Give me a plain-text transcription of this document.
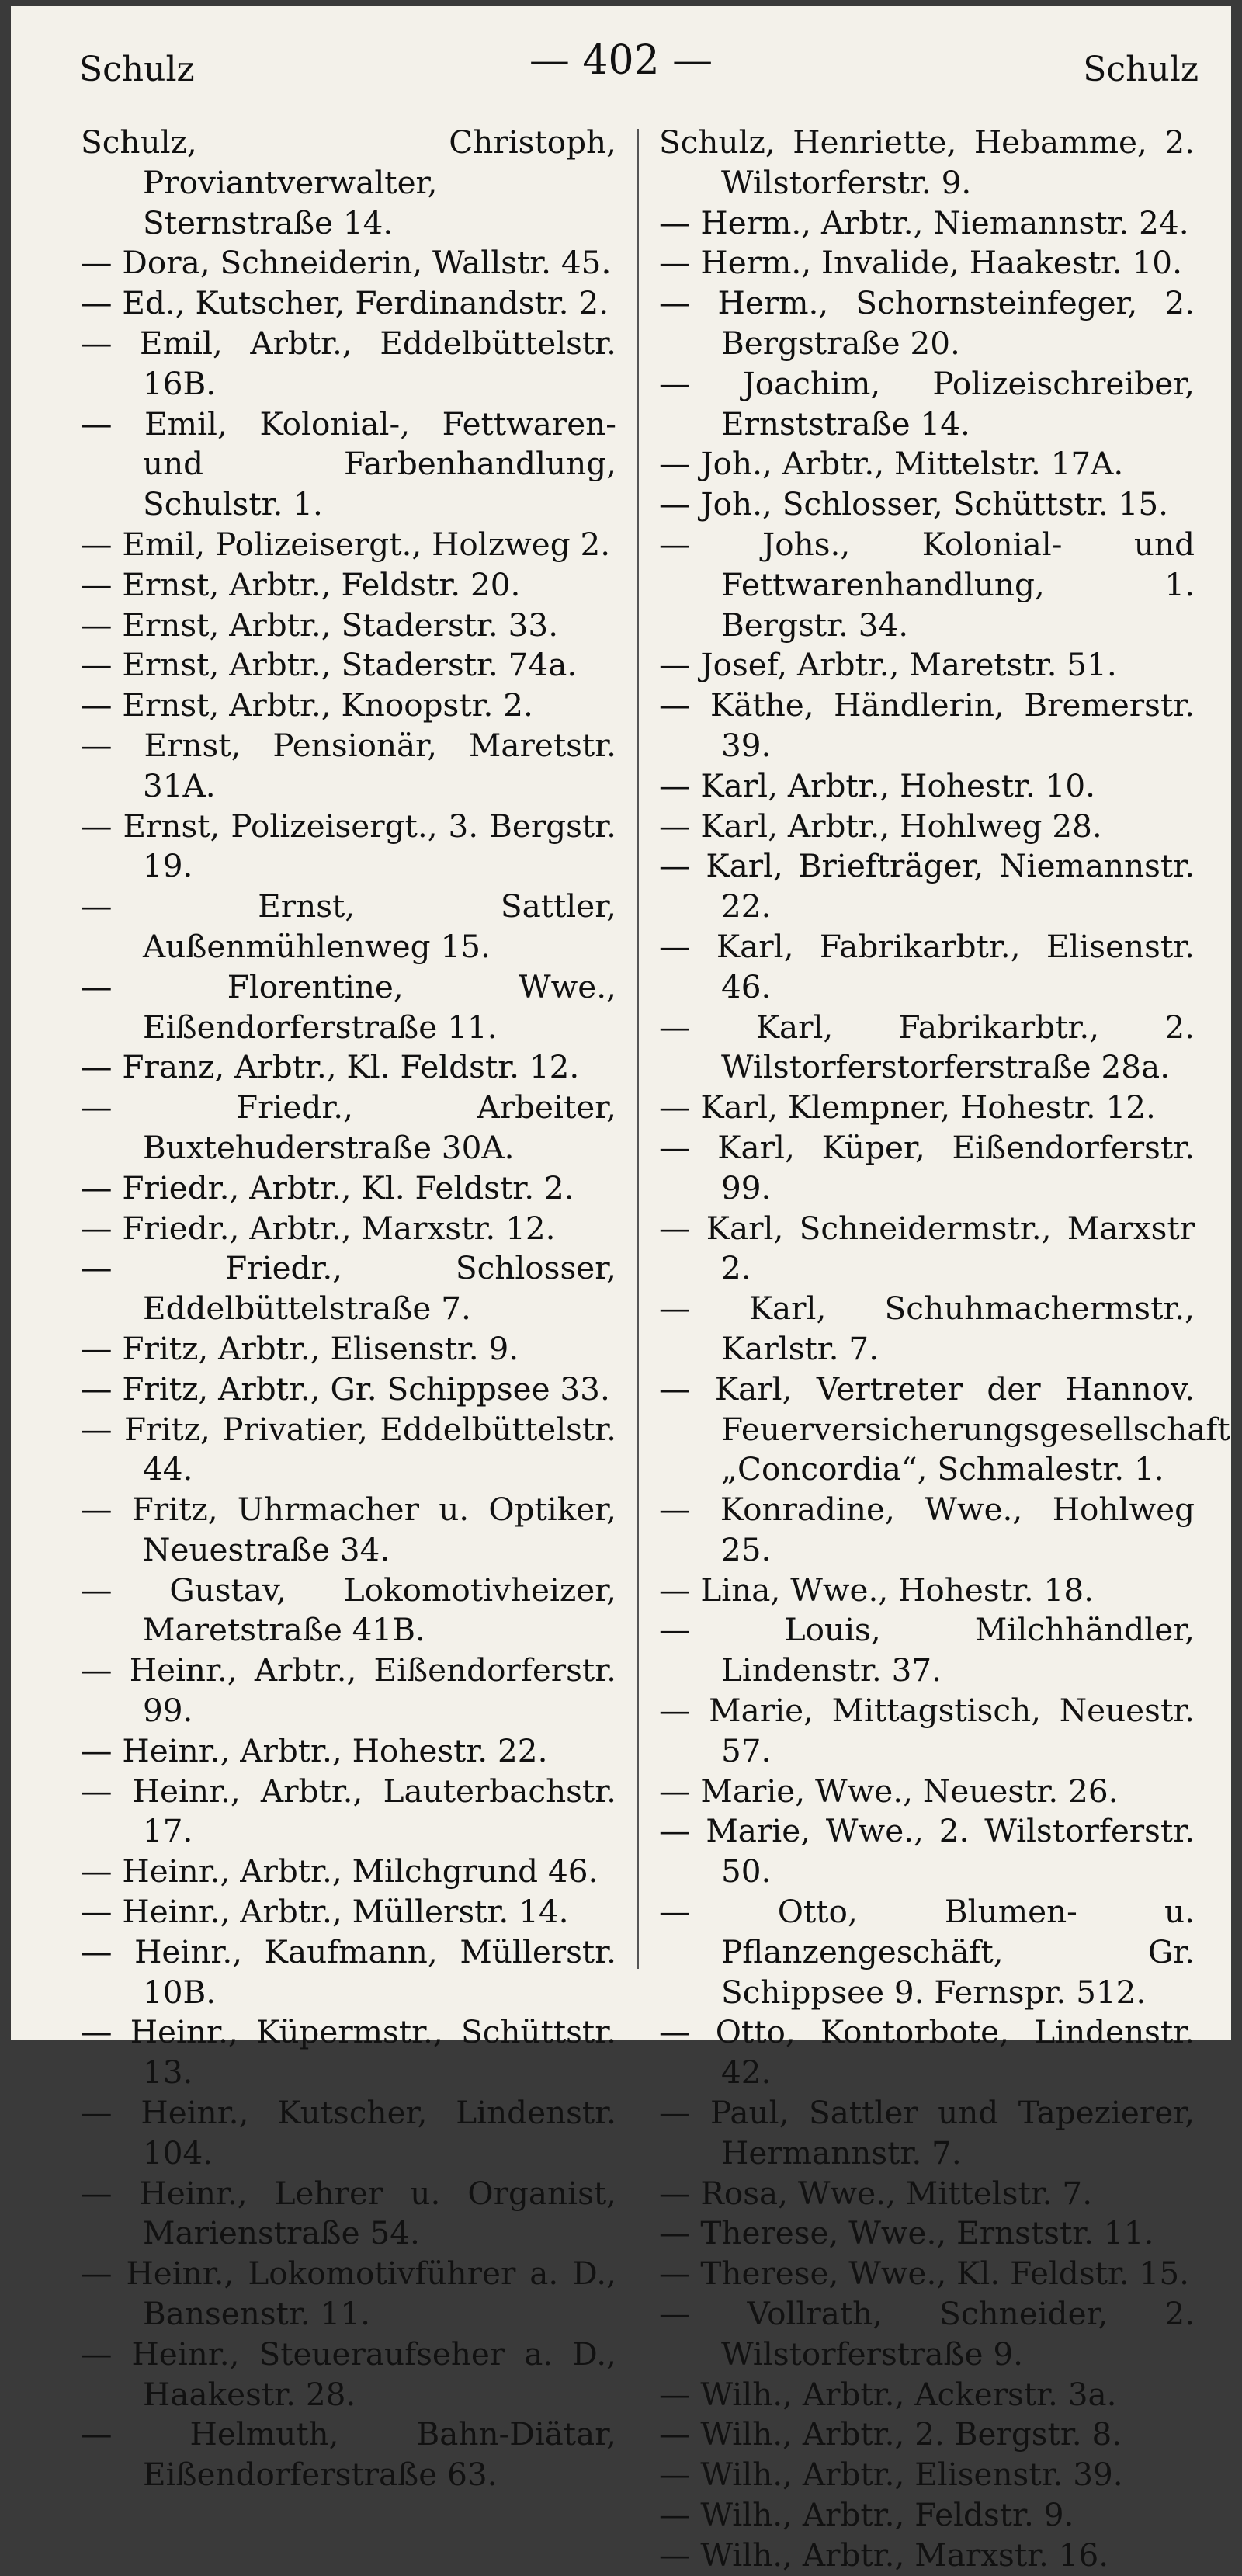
Schulz	— 402 —	Schulz
Schulz, Christoph, Proviantverwalter, Sternstraße 14.
— Dora, Schneiderin, Wallstr. 45.
— Ed., Kutscher, Ferdinandstr. 2.
— Emil, Arbtr., Eddelbüttelstr. 16B.
— Emil, Kolonial-, Fettwaren- und Farbenhandlung, Schulstr. 1.
— Emil, Polizeisergt., Holzweg 2.
— Ernst, Arbtr., Feldstr. 20.
— Ernst, Arbtr., Staderstr. 33.
— Ernst, Arbtr., Staderstr. 74a.
— Ernst, Arbtr., Knoopstr. 2.
— Ernst, Pensionär, Maretstr. 31A.
— Ernst, Polizeisergt., 3. Bergstr. 19.
— Ernst, Sattler, Außenmühlenweg 15.
— Florentine, Wwe., Eißendorferstraße 11.
— Franz, Arbtr., Kl. Feldstr. 12.
— Friedr., Arbeiter, Buxtehuderstraße 30A.
— Friedr., Arbtr., Kl. Feldstr. 2.
— Friedr., Arbtr., Marxstr. 12.
— Friedr., Schlosser, Eddelbüttelstraße 7.
— Fritz, Arbtr., Elisenstr. 9.
— Fritz, Arbtr., Gr. Schippsee 33.
— Fritz, Privatier, Eddelbüttelstr. 44.
— Fritz, Uhrmacher u. Optiker, Neuestraße 34.
— Gustav, Lokomotivheizer, Maretstraße 41B.
— Heinr., Arbtr., Eißendorferstr. 99.
— Heinr., Arbtr., Hohestr. 22.
— Heinr., Arbtr., Lauterbachstr. 17.
— Heinr., Arbtr., Milchgrund 46.
— Heinr., Arbtr., Müllerstr. 14.
— Heinr., Kaufmann, Müllerstr. 10B.
— Heinr., Küpermstr., Schüttstr. 13.
— Heinr., Kutscher, Lindenstr. 104.
— Heinr., Lehrer u. Organist, Marienstraße 54.
— Heinr., Lokomotivführer a. D., Bansenstr. 11.
— Heinr., Steueraufseher a. D., Haakestr. 28.
— Helmuth, Bahn-Diätar, Eißendorferstraße 63.
Schulz, Henriette, Hebamme, 2. Wilstorferstr. 9.
— Herm., Arbtr., Niemannstr. 24.
— Herm., Invalide, Haakestr. 10.
— Herm., Schornsteinfeger, 2. Bergstraße 20.
— Joachim, Polizeischreiber, Ernststraße 14.
— Joh., Arbtr., Mittelstr. 17A.
— Joh., Schlosser, Schüttstr. 15.
— Johs., Kolonial- und Fettwarenhandlung, 1. Bergstr. 34.
— Josef, Arbtr., Maretstr. 51.
— Käthe, Händlerin, Bremerstr. 39.
— Karl, Arbtr., Hohestr. 10.
— Karl, Arbtr., Hohlweg 28.
— Karl, Briefträger, Niemannstr. 22.
— Karl, Fabrikarbtr., Elisenstr. 46.
— Karl, Fabrikarbtr., 2. Wilstorferstorferstraße 28a.
— Karl, Klempner, Hohestr. 12.
— Karl, Küper, Eißendorferstr. 99.
— Karl, Schneidermstr., Marxstr 2.
— Karl, Schuhmachermstr., Karlstr. 7.
— Karl, Vertreter der Hannov. Feuerversicherungsgesellschaft „Concordia“, Schmalestr. 1.
— Konradine, Wwe., Hohlweg 25.
— Lina, Wwe., Hohestr. 18.
— Louis, Milchhändler, Lindenstr. 37.
— Marie, Mittagstisch, Neuestr. 57.
— Marie, Wwe., Neuestr. 26.
— Marie, Wwe., 2. Wilstorferstr. 50.
— Otto, Blumen- u. Pflanzengeschäft, Gr. Schippsee 9. Fernspr. 512.
— Otto, Kontorbote, Lindenstr. 42.
— Paul, Sattler und Tapezierer, Hermannstr. 7.
— Rosa, Wwe., Mittelstr. 7.
— Therese, Wwe., Ernststr. 11.
— Therese, Wwe., Kl. Feldstr. 15.
— Vollrath, Schneider, 2. Wilstorferstraße 9.
— Wilh., Arbtr., Ackerstr. 3a.
— Wilh., Arbtr., 2. Bergstr. 8.
— Wilh., Arbtr., Elisenstr. 39.
— Wilh., Arbtr., Feldstr. 9.
— Wilh., Arbtr., Marxstr. 16.
